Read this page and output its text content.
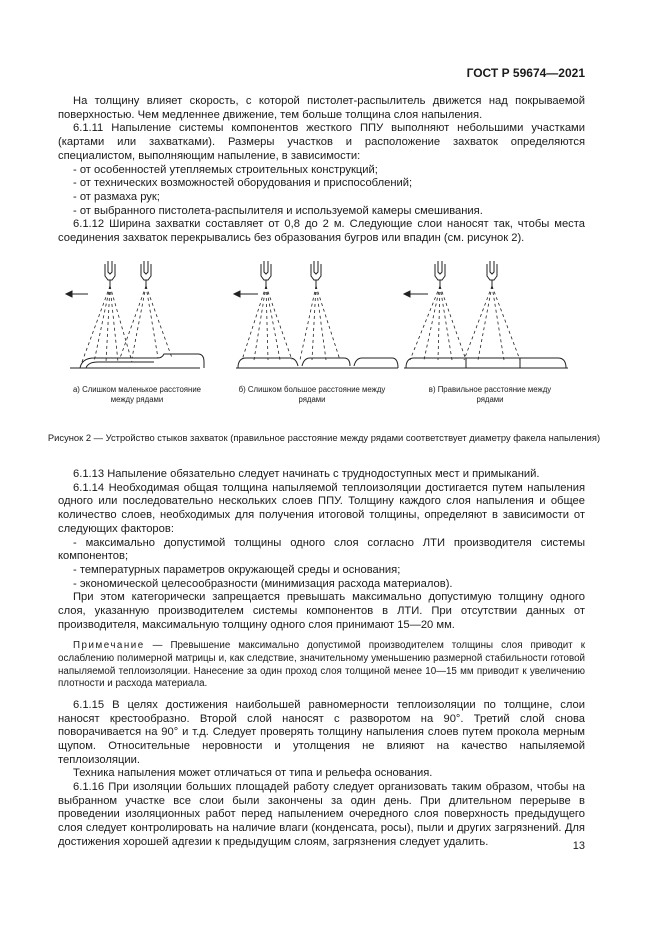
ГОСТ Р 59674—2021

На толщину влияет скорость, с которой пистолет-распылитель движется над покрываемой поверхностью. Чем медленнее движение, тем больше толщина слоя напыления.

6.1.11 Напыление системы компонентов жесткого ППУ выполняют небольшими участками (картами или захватками). Размеры участков и расположение захваток определяются специалистом, выполняющим напыление, в зависимости:

- от особенностей утепляемых строительных конструкций;

- от технических возможностей оборудования и приспособлений;

- от размаха рук;

- от выбранного пистолета-распылителя и используемой камеры смешивания.

6.1.12 Ширина захватки составляет от 0,8 до 2 м. Следующие слои наносят так, чтобы места соединения захваток перекрывались без образования бугров или впадин (см. рисунок 2).

а) Слишком маленькое расстояние между рядами
б) Слишком большое расстояние между рядами
в) Правильное расстояние между рядами
Рисунок 2 — Устройство стыков захваток (правильное расстояние между рядами соответствует диаметру факела напыления)

6.1.13 Напыление обязательно следует начинать с труднодоступных мест и примыканий.

6.1.14 Необходимая общая толщина напыляемой теплоизоляции достигается путем напыления одного или последовательно нескольких слоев ППУ. Толщину каждого слоя напыления и общее количество слоев, необходимых для получения итоговой толщины, определяют в зависимости от следующих факторов:

- максимально допустимой толщины одного слоя согласно ЛТИ производителя системы компонентов;

- температурных параметров окружающей среды и основания;

- экономической целесообразности (минимизация расхода материалов).

При этом категорически запрещается превышать максимально допустимую толщину одного слоя, указанную производителем системы компонентов в ЛТИ. При отсутствии данных от производителя, максимальную толщину одного слоя принимают 15—20 мм.

Примечание — Превышение максимально допустимой производителем толщины слоя приводит к ослаблению полимерной матрицы и, как следствие, значительному уменьшению размерной стабильности готовой напыляемой теплоизоляции. Нанесение за один проход слоя толщиной менее 10—15 мм приводит к увеличению плотности и расхода материала.

6.1.15 В целях достижения наибольшей равномерности теплоизоляции по толщине, слои наносят крестообразно. Второй слой наносят с разворотом на 90°. Третий слой снова поворачивается на 90° и т.д. Следует проверять толщину напыления слоев путем прокола мерным щупом. Относительные неровности и утолщения не влияют на качество напыляемой теплоизоляции.

Техника напыления может отличаться от типа и рельефа основания.

6.1.16 При изоляции больших площадей работу следует организовать таким образом, чтобы на выбранном участке все слои были закончены за один день. При длительном перерыве в проведении изоляционных работ перед напылением очередного слоя поверхность предыдущего слоя следует контролировать на наличие влаги (конденсата, росы), пыли и других загрязнений. Для достижения хорошей адгезии к предыдущим слоям, загрязнения следует удалить.	13
